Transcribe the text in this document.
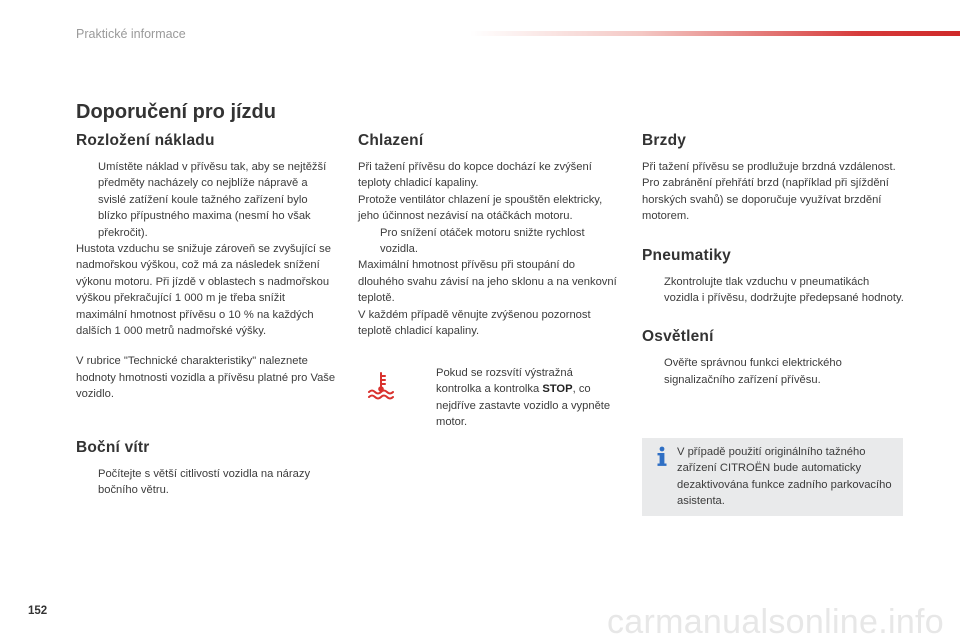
Praktické informace
Doporučení pro jízdu
Rozložení nákladu
Umístěte náklad v přívěsu tak, aby se nejtěžší předměty nacházely co nejblíže nápravě a svislé zatížení koule tažného zařízení bylo blízko přípustného maxima (nesmí ho však překročit).

Hustota vzduchu se snižuje zároveň se zvyšující se nadmořskou výškou, což má za následek snížení výkonu motoru. Při jízdě v oblastech s nadmořskou výškou překračující 1 000 m je třeba snížit maximální hmotnost přívěsu o 10 % na každých dalších 1 000 metrů nadmořské výšky.

V rubrice "Technické charakteristiky" naleznete hodnoty hmotnosti vozidla a přívěsu platné pro Vaše vozidlo.

Boční vítr
Počítejte s větší citlivostí vozidla na nárazy bočního větru.
Chlazení

Při tažení přívěsu do kopce dochází ke zvýšení teploty chladicí kapaliny.

Protože ventilátor chlazení je spouštěn elektricky, jeho účinnost nezávisí na otáčkách motoru.

Pro snížení otáček motoru snižte rychlost vozidla.

Maximální hmotnost přívěsu při stoupání do dlouhého svahu závisí na jeho sklonu a na venkovní teplotě.

V každém případě věnujte zvýšenou pozornost teplotě chladicí kapaliny.

Pokud se rozsvítí výstražná kontrolka a kontrolka STOP, co nejdříve zastavte vozidlo a vypněte motor.
Brzdy

Při tažení přívěsu se prodlužuje brzdná vzdálenost.

Pro zabránění přehřátí brzd (například při sjíždění horských svahů) se doporučuje využívat brzdění motorem.

Pneumatiky
Zkontrolujte tlak vzduchu v pneumatikách vozidla i přívěsu, dodržujte předepsané hodnoty.
Osvětlení
Ověřte správnou funkci elektrického signalizačního zařízení přívěsu.

V případě použití originálního tažného zařízení CITROËN bude automaticky dezaktivována funkce zadního parkovacího asistenta.

152	carmanualsonline.info
